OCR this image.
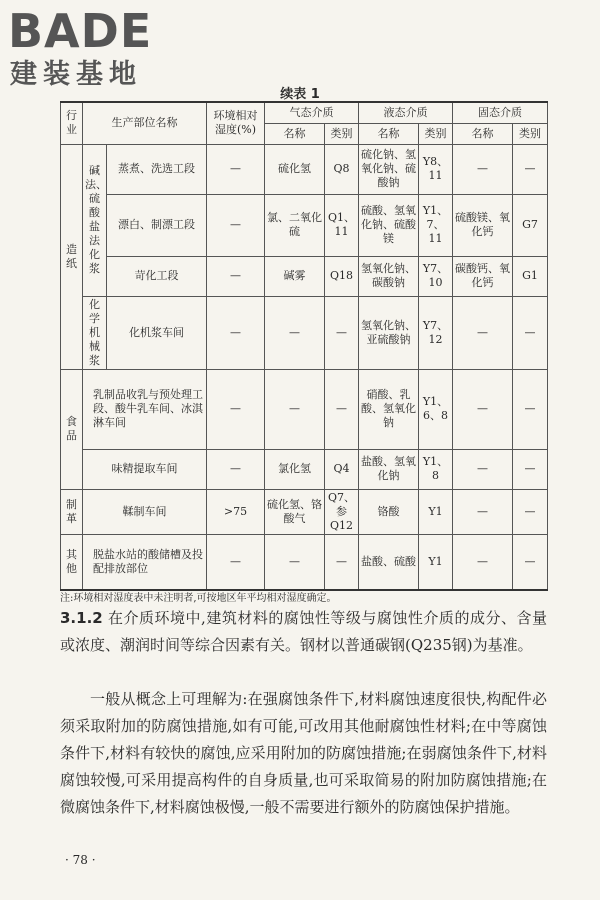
BADE
建装基地
续表 1
行业	生产部位名称		环境相对湿度(%)	气态介质		液态介质		固态介质	
				名称	类别	名称	类别	名称	类别
造纸	碱法、硫酸盐法化浆	蒸煮、洗选工段	—	硫化氢	Q8	硫化钠、氢氧化钠、硫酸钠	Y8、11	—	—
		漂白、制漂工段	—	氯、二氧化硫	Q1、11	硫酸、氢氧化钠、硫酸镁	Y1、7、11	硫酸镁、氧化钙	G7
		苛化工段	—	碱雾	Q18	氢氧化钠、碳酸钠	Y7、10	碳酸钙、氧化钙	G1
	化学机械浆	化机浆车间	—	—	—	氢氧化钠、亚硫酸钠	Y7、12	—	—
食品	乳制品收乳与预处理工段、酸牛乳车间、冰淇淋车间		—	—	—	硝酸、乳酸、氢氧化钠	Y1、6、8	—	—
	味精提取车间		—	氯化氢	Q4	盐酸、氢氧化钠	Y1、8	—	—
制革	鞣制车间		>75	硫化氢、铬酸气	Q7、参Q12	铬酸	Y1	—	—
其他	脱盐水站的酸储槽及投配排放部位		—	—	—	盐酸、硫酸	Y1	—	—
注:环境相对湿度表中未注明者,可按地区年平均相对湿度确定。
3.1.2 在介质环境中,建筑材料的腐蚀性等级与腐蚀性介质的成分、含量或浓度、潮润时间等综合因素有关。钢材以普通碳钢(Q235钢)为基准。
一般从概念上可理解为:在强腐蚀条件下,材料腐蚀速度很快,构配件必须采取附加的防腐蚀措施,如有可能,可改用其他耐腐蚀性材料;在中等腐蚀条件下,材料有较快的腐蚀,应采用附加的防腐蚀措施;在弱腐蚀条件下,材料腐蚀较慢,可采用提高构件的自身质量,也可采取简易的附加防腐蚀措施;在微腐蚀条件下,材料腐蚀极慢,一般不需要进行额外的防腐蚀保护措施。
· 78 ·
